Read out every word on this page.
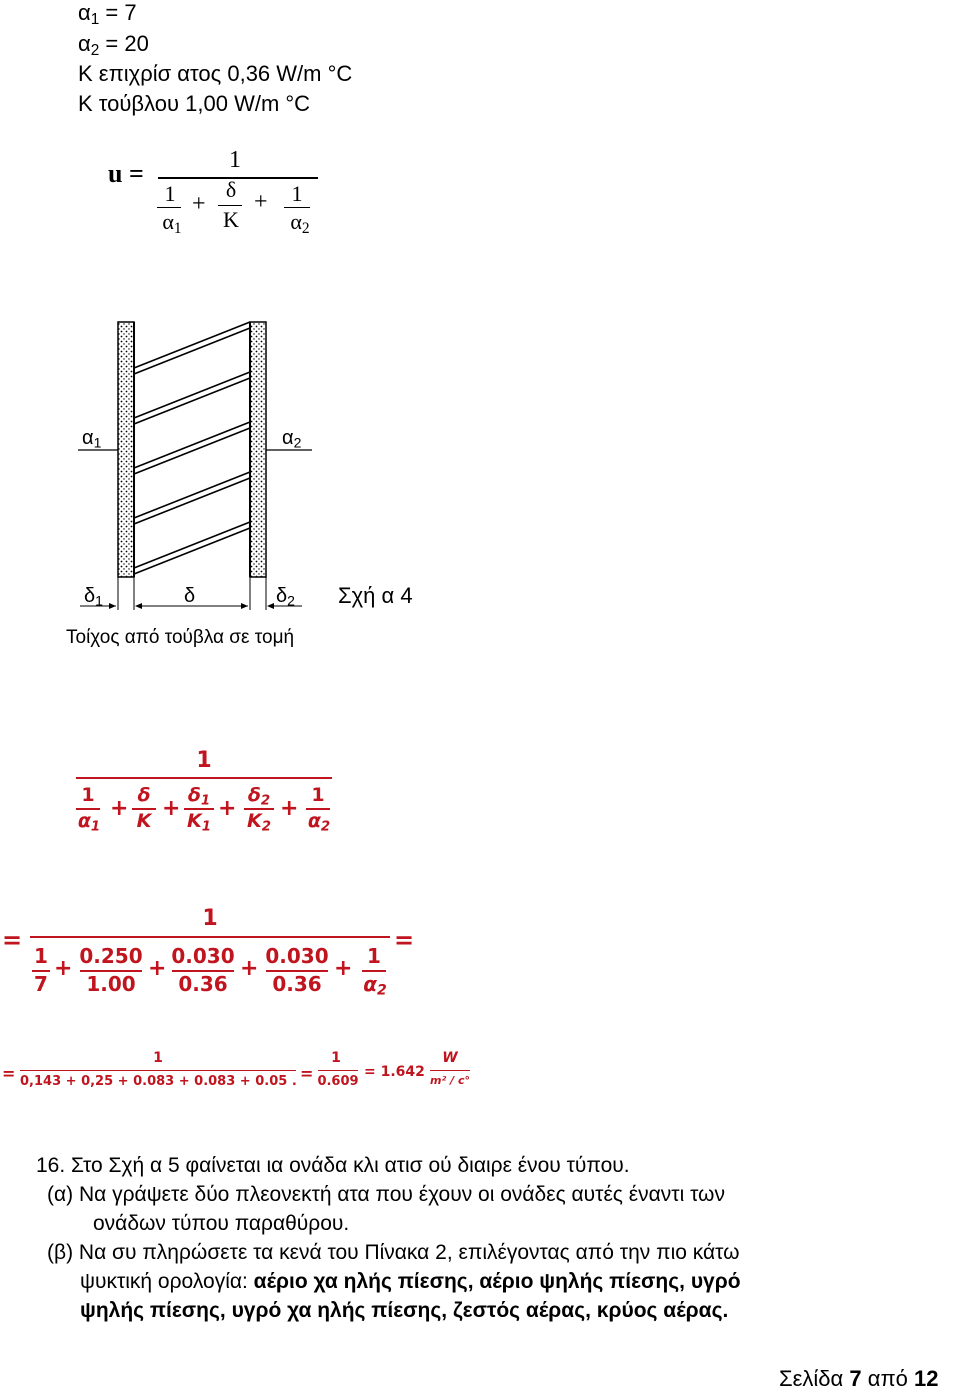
$\alpha_1 = 7$
$\alpha_2 = 20$
Κ επιχρίσ ατος 0,36 W/m °C
Κ τούβλου 1,00 W/m °C
u =	1
1
$\alpha_1$
+
δ
K
+	1
$\alpha_2$
$\alpha_1$	$\alpha_2$
$\delta_1$	δ	$\delta_2$ Σχή α 4
Τοίχος από τούβλα σε τομή
1
1
$\alpha_1$
+
δ
K +
$\delta_1$
$K_1$
+
$\delta_2$
$K_2$
+
1
$\alpha_2$
=
1
=
1
7
+ 0.250
1.00
+ 0.030
0.36
+ 0.030
0.36
+ 1
$\alpha_2$
=
1
0,143 + 0,25 + 0.083 + 0.083 + 0.05 . =
1
0.609
= 1.642
W
m² / c°
16. Στο Σχή α 5 φαίνεται ια ονάδα κλι ατισ ού διαιρε ένου τύπου.
(α) Να γράψετε δύο πλεονεκτή ατα που έχουν οι ονάδες αυτές έναντι των
ονάδων τύπου παραθύρου.
(β) Να συ πληρώσετε τα κενά του Πίνακα 2, επιλέγοντας από την πιο κάτω
ψυκτική ορολογία: αέριο χα ηλής πίεσης, αέριο ψηλής πίεσης, υγρό
ψηλής πίεσης, υγρό χα ηλής πίεσης, ζεστός αέρας, κρύος αέρας.
Σελίδα 7 από 12
